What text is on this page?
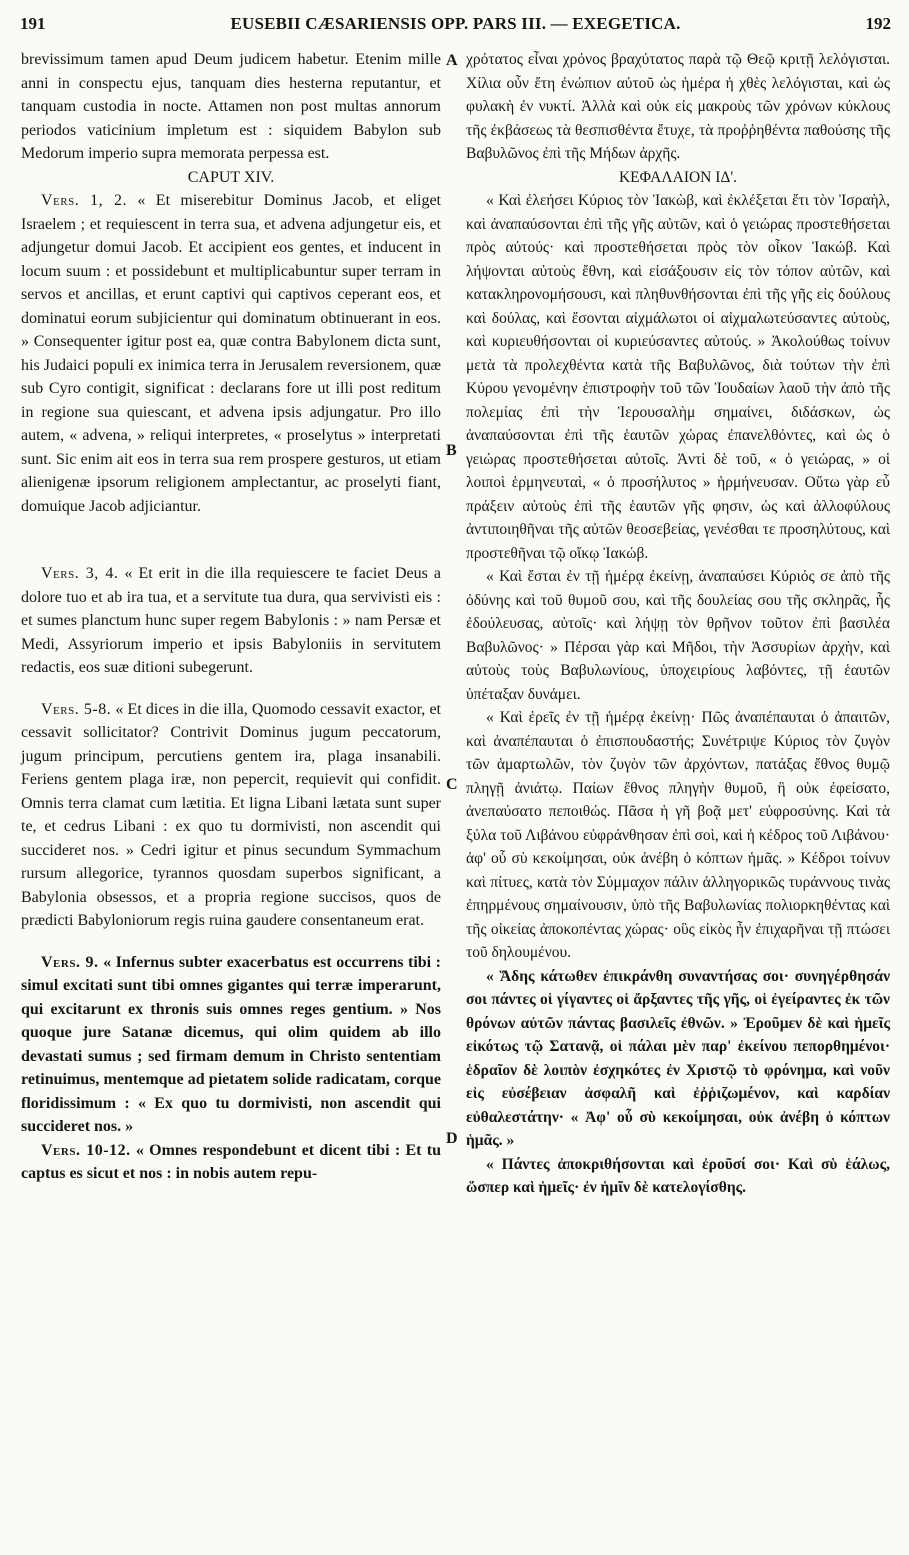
191	EUSEBII CÆSARIENSIS OPP. PARS III. — EXEGETICA.	192
A
B
C
D

brevissimum tamen apud Deum judicem habetur. Etenim mille anni in conspectu ejus, tanquam dies hesterna reputantur, et tanquam custodia in nocte. Attamen non post multas annorum periodos vaticinium impletum est : siquidem Babylon sub Medorum imperio supra memorata perpessa est.

CAPUT XIV.

Vers. 1, 2. « Et miserebitur Dominus Jacob, et eliget Israelem ; et requiescent in terra sua, et advena adjungetur eis, et adjungetur domui Jacob. Et accipient eos gentes, et inducent in locum suum : et possidebunt et multiplicabuntur super terram in servos et ancillas, et erunt captivi qui captivos ceperant eos, et dominatui eorum subjicientur qui dominatum obtinuerant in eos. » Consequenter igitur post ea, quæ contra Babylonem dicta sunt, his Judaici populi ex inimica terra in Jerusalem reversionem, quæ sub Cyro contigit, significat : declarans fore ut illi post reditum in regione sua quiescant, et advena ipsis adjungatur. Pro illo autem, « advena, » reliqui interpretes, « proselytus » interpretati sunt. Sic enim ait eos in terra sua rem prospere gesturos, ut etiam alienigenæ ipsorum religionem amplectantur, ac proselyti fiant, domuique Jacob adjiciantur.

Vers. 3, 4. « Et erit in die illa requiescere te faciet Deus a dolore tuo et ab ira tua, et a servitute tua dura, qua servivisti eis : et sumes planctum hunc super regem Babylonis : » nam Persæ et Medi, Assyriorum imperio et ipsis Babyloniis in servitutem redactis, eos suæ ditioni subegerunt.

Vers. 5-8. « Et dices in die illa, Quomodo cessavit exactor, et cessavit sollicitator? Contrivit Dominus jugum peccatorum, jugum principum, percutiens gentem ira, plaga insanabili. Feriens gentem plaga iræ, non pepercit, requievit qui confidit. Omnis terra clamat cum lætitia. Et ligna Libani lætata sunt super te, et cedrus Libani : ex quo tu dormivisti, non ascendit qui succideret nos. » Cedri igitur et pinus secundum Symmachum rursum allegorice, tyrannos quosdam superbos significant, a Babylonia obsessos, et a propria regione succisos, quos de prædicti Babyloniorum regis ruina gaudere consentaneum erat.

Vers. 9. « Infernus subter exacerbatus est occurrens tibi : simul excitati sunt tibi omnes gigantes qui terræ imperarunt, qui excitarunt ex thronis suis omnes reges gentium. » Nos quoque jure Satanæ dicemus, qui olim quidem ab illo devastati sumus ; sed firmam demum in Christo sententiam retinuimus, mentemque ad pietatem solide radicatam, corque floridissimum : « Ex quo tu dormivisti, non ascendit qui succideret nos. »

Vers. 10-12. « Omnes respondebunt et dicent tibi : Et tu captus es sicut et nos : in nobis autem repu-

χρότατος εἶναι χρόνος βραχύτατος παρὰ τῷ Θεῷ κριτῇ λελόγισται. Χίλια οὖν ἔτη ἐνώπιον αὐτοῦ ὡς ἡμέρα ἡ χθὲς λελόγισται, καὶ ὡς φυλακὴ ἐν νυκτί. Ἀλλὰ καὶ οὐκ εἰς μακροὺς τῶν χρόνων κύκλους τῆς ἐκβάσεως τὰ θεσπισθέντα ἔτυχε, τὰ προῤῥηθέντα παθούσης τῆς Βαβυλῶνος ἐπὶ τῆς Μήδων ἀρχῆς.

ΚΕΦΑΛΑΙΟΝ ΙΔ'.

« Καὶ ἐλεήσει Κύριος τὸν Ἰακὼβ, καὶ ἐκλέξεται ἔτι τὸν Ἰσραὴλ, καὶ ἀναπαύσονται ἐπὶ τῆς γῆς αὐτῶν, καὶ ὁ γειώρας προστεθήσεται πρὸς αὐτούς· καὶ προστεθήσεται πρὸς τὸν οἶκον Ἰακώβ. Καὶ λήψονται αὐτοὺς ἔθνη, καὶ εἰσάξουσιν εἰς τὸν τόπον αὐτῶν, καὶ κατακληρονομήσουσι, καὶ πληθυνθήσονται ἐπὶ τῆς γῆς εἰς δούλους καὶ δούλας, καὶ ἔσονται αἰχμάλωτοι οἱ αἰχμαλωτεύσαντες αὐτοὺς, καὶ κυριευθήσονται οἱ κυριεύσαντες αὐτούς. » Ἀκολούθως τοίνυν μετὰ τὰ προλεχθέντα κατὰ τῆς Βαβυλῶνος, διὰ τούτων τὴν ἐπὶ Κύρου γενομένην ἐπιστροφὴν τοῦ τῶν Ἰουδαίων λαοῦ τὴν ἀπὸ τῆς πολεμίας ἐπὶ τὴν Ἱερουσαλὴμ σημαίνει, διδάσκων, ὡς ἀναπαύσονται ἐπὶ τῆς ἑαυτῶν χώρας ἐπανελθόντες, καὶ ὡς ὁ γειώρας προστεθήσεται αὐτοῖς. Ἀντὶ δὲ τοῦ, « ὁ γειώρας, » οἱ λοιποὶ ἑρμηνευταὶ, « ὁ προσήλυτος » ἡρμήνευσαν. Οὕτω γὰρ εὖ πράξειν αὐτοὺς ἐπὶ τῆς ἑαυτῶν γῆς φησιν, ὡς καὶ ἀλλοφύλους ἀντιποιηθῆναι τῆς αὐτῶν θεοσεβείας, γενέσθαι τε προσηλύτους, καὶ προστεθῆναι τῷ οἴκῳ Ἰακώβ.

« Καὶ ἔσται ἐν τῇ ἡμέρᾳ ἐκείνῃ, ἀναπαύσει Κύριός σε ἀπὸ τῆς ὀδύνης καὶ τοῦ θυμοῦ σου, καὶ τῆς δουλείας σου τῆς σκληρᾶς, ἧς ἐδούλευσας, αὐτοῖς· καὶ λήψῃ τὸν θρῆνον τοῦτον ἐπὶ βασιλέα Βαβυλῶνος· » Πέρσαι γὰρ καὶ Μῆδοι, τὴν Ἀσσυρίων ἀρχὴν, καὶ αὐτοὺς τοὺς Βαβυλωνίους, ὑποχειρίους λαβόντες, τῇ ἑαυτῶν ὑπέταξαν δυνάμει.

« Καὶ ἐρεῖς ἐν τῇ ἡμέρᾳ ἐκείνῃ· Πῶς ἀναπέπαυται ὁ ἀπαιτῶν, καὶ ἀναπέπαυται ὁ ἐπισπουδαστής; Συνέτριψε Κύριος τὸν ζυγὸν τῶν ἁμαρτωλῶν, τὸν ζυγὸν τῶν ἀρχόντων, πατάξας ἔθνος θυμῷ πληγῇ ἀνιάτῳ. Παίων ἔθνος πληγὴν θυμοῦ, ἣ οὐκ ἐφείσατο, ἀνεπαύσατο πεποιθώς. Πᾶσα ἡ γῆ βοᾷ μετ' εὐφροσύνης. Καὶ τὰ ξύλα τοῦ Λιβάνου εὐφράνθησαν ἐπὶ σοὶ, καὶ ἡ κέδρος τοῦ Λιβάνου· ἀφ' οὗ σὺ κεκοίμησαι, οὐκ ἀνέβη ὁ κόπτων ἡμᾶς. » Κέδροι τοίνυν καὶ πίτυες, κατὰ τὸν Σύμμαχον πάλιν ἀλληγορικῶς τυράννους τινὰς ἐπηρμένους σημαίνουσιν, ὑπὸ τῆς Βαβυλωνίας πολιορκηθέντας καὶ τῆς οἰκείας ἀποκοπέντας χώρας· οὓς εἰκὸς ἦν ἐπιχαρῆναι τῇ πτώσει τοῦ δηλουμένου.

« Ἅδης κάτωθεν ἐπικράνθη συναντήσας σοι· συνηγέρθησάν σοι πάντες οἱ γίγαντες οἱ ἄρξαντες τῆς γῆς, οἱ ἐγείραντες ἐκ τῶν θρόνων αὐτῶν πάντας βασιλεῖς ἐθνῶν. » Ἐροῦμεν δὲ καὶ ἡμεῖς εἰκότως τῷ Σατανᾷ, οἱ πάλαι μὲν παρ' ἐκείνου πεπορθημένοι· ἑδραῖον δὲ λοιπὸν ἐσχηκότες ἐν Χριστῷ τὸ φρόνημα, καὶ νοῦν εἰς εὐσέβειαν ἀσφαλῆ καὶ ἐῤῥιζωμένον, καὶ καρδίαν εὐθαλεστάτην· « Ἀφ' οὗ σὺ κεκοίμησαι, οὐκ ἀνέβη ὁ κόπτων ἡμᾶς. »

« Πάντες ἀποκριθήσονται καὶ ἐροῦσί σοι· Καὶ σὺ ἑάλως, ὥσπερ καὶ ἡμεῖς· ἐν ἡμῖν δὲ κατελογίσθης.
